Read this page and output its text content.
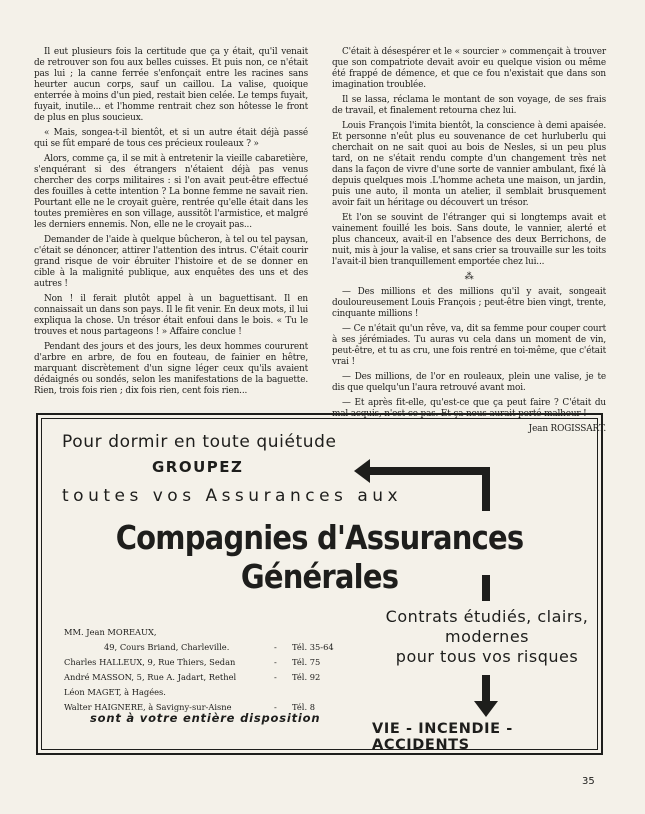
Il eut plusieurs fois la certitude que ça y était, qu'il venait de retrouver son fou aux belles cuisses. Et puis non, ce n'était pas lui ; la canne ferrée s'enfonçait entre les racines sans heurter aucun corps, sauf un caillou. La valise, quoique enterrée à moins d'un pied, restait bien celée. Le temps fuyait, fuyait, inutile... et l'homme rentrait chez son hôtesse le front de plus en plus soucieux.

« Mais, songea-t-il bientôt, et si un autre était déjà passé qui se fût emparé de tous ces précieux rouleaux ? »

Alors, comme ça, il se mit à entretenir la vieille cabaretière, s'enquérant si des étrangers n'étaient déjà pas venus chercher des corps militaires : si l'on avait peut-être effectué des fouilles à cette intention ? La bonne femme ne savait rien. Pourtant elle ne le croyait guère, rentrée qu'elle était dans les toutes premières en son village, aussitôt l'armistice, et malgré les derniers ennemis. Non, elle ne le croyait pas...

Demander de l'aide à quelque bûcheron, à tel ou tel paysan, c'était se dénoncer, attirer l'attention des intrus. C'était courir grand risque de voir ébruiter l'histoire et de se donner en cible à la malignité publique, aux enquêtes des uns et des autres !

Non ! il ferait plutôt appel à un baguettisant. Il en connaissait un dans son pays. Il le fit venir. En deux mots, il lui expliqua la chose. Un trésor était enfoui dans le bois. « Tu le trouves et nous partageons ! » Affaire conclue !

Pendant des jours et des jours, les deux hommes coururent d'arbre en arbre, de fou en fouteau, de fainier en hêtre, marquant discrètement d'un signe léger ceux qu'ils avaient dédaignés ou sondés, selon les manifestations de la baguette. Rien, trois fois rien ; dix fois rien, cent fois rien...

C'était à désespérer et le « sourcier » commençait à trouver que son compatriote devait avoir eu quelque vision ou même été frappé de démence, et que ce fou n'existait que dans son imagination troublée.

Il se lassa, réclama le montant de son voyage, de ses frais de travail, et finalement retourna chez lui.

Louis François l'imita bientôt, la conscience à demi apaisée. Et personne n'eût plus eu souvenance de cet hurluberlu qui cherchait on ne sait quoi au bois de Nesles, si un peu plus tard, on ne s'était rendu compte d'un changement très net dans la façon de vivre d'une sorte de vannier ambulant, fixé là depuis quelques mois .L'homme acheta une maison, un jardin, puis une auto, il monta un atelier, il semblait brusquement avoir fait un héritage ou découvert un trésor.

Et l'on se souvint de l'étranger qui si longtemps avait et vainement fouillé les bois. Sans doute, le vannier, alerté et plus chanceux, avait-il en l'absence des deux Berrichons, de nuit, mis à jour la valise, et sans crier sa trouvaille sur les toits l'avait-il bien tranquillement emportée chez lui...

⁂

— Des millions et des millions qu'il y avait, songeait douloureusement Louis François ; peut-être bien vingt, trente, cinquante millions !

— Ce n'était qu'un rêve, va, dit sa femme pour couper court à ses jérémiades. Tu auras vu cela dans un moment de vin, peut-être, et tu as cru, une fois rentré en toi-même, que c'était vrai !

— Des millions, de l'or en rouleaux, plein une valise, je te dis que quelqu'un l'aura retrouvé avant moi.

— Et après fit-elle, qu'est-ce que ça peut faire ? C'était du mal acquis, n'est-ce pas. Et ça nous aurait porté malheur !

Jean ROGISSART.

Pour dormir en toute quiétude
GROUPEZ
toutes vos Assurances aux
Compagnies d'Assurances Générales
Contrats étudiés, clairs,
modernes
pour tous vos risques
MM. Jean MOREAUX,
49, Cours Briand, Charleville.	- Tél. 35-64
Charles HALLEUX, 9, Rue Thiers, Sedan	- Tél. 75
André MASSON, 5, Rue A. Jadart, Rethel	- Tél. 92
Léon MAGET, à Hagées.
Walter HAIGNERE, à Savigny-sur-Aisne	- Tél. 8
sont à votre entière disposition
VIE - INCENDIE - ACCIDENTS
35
